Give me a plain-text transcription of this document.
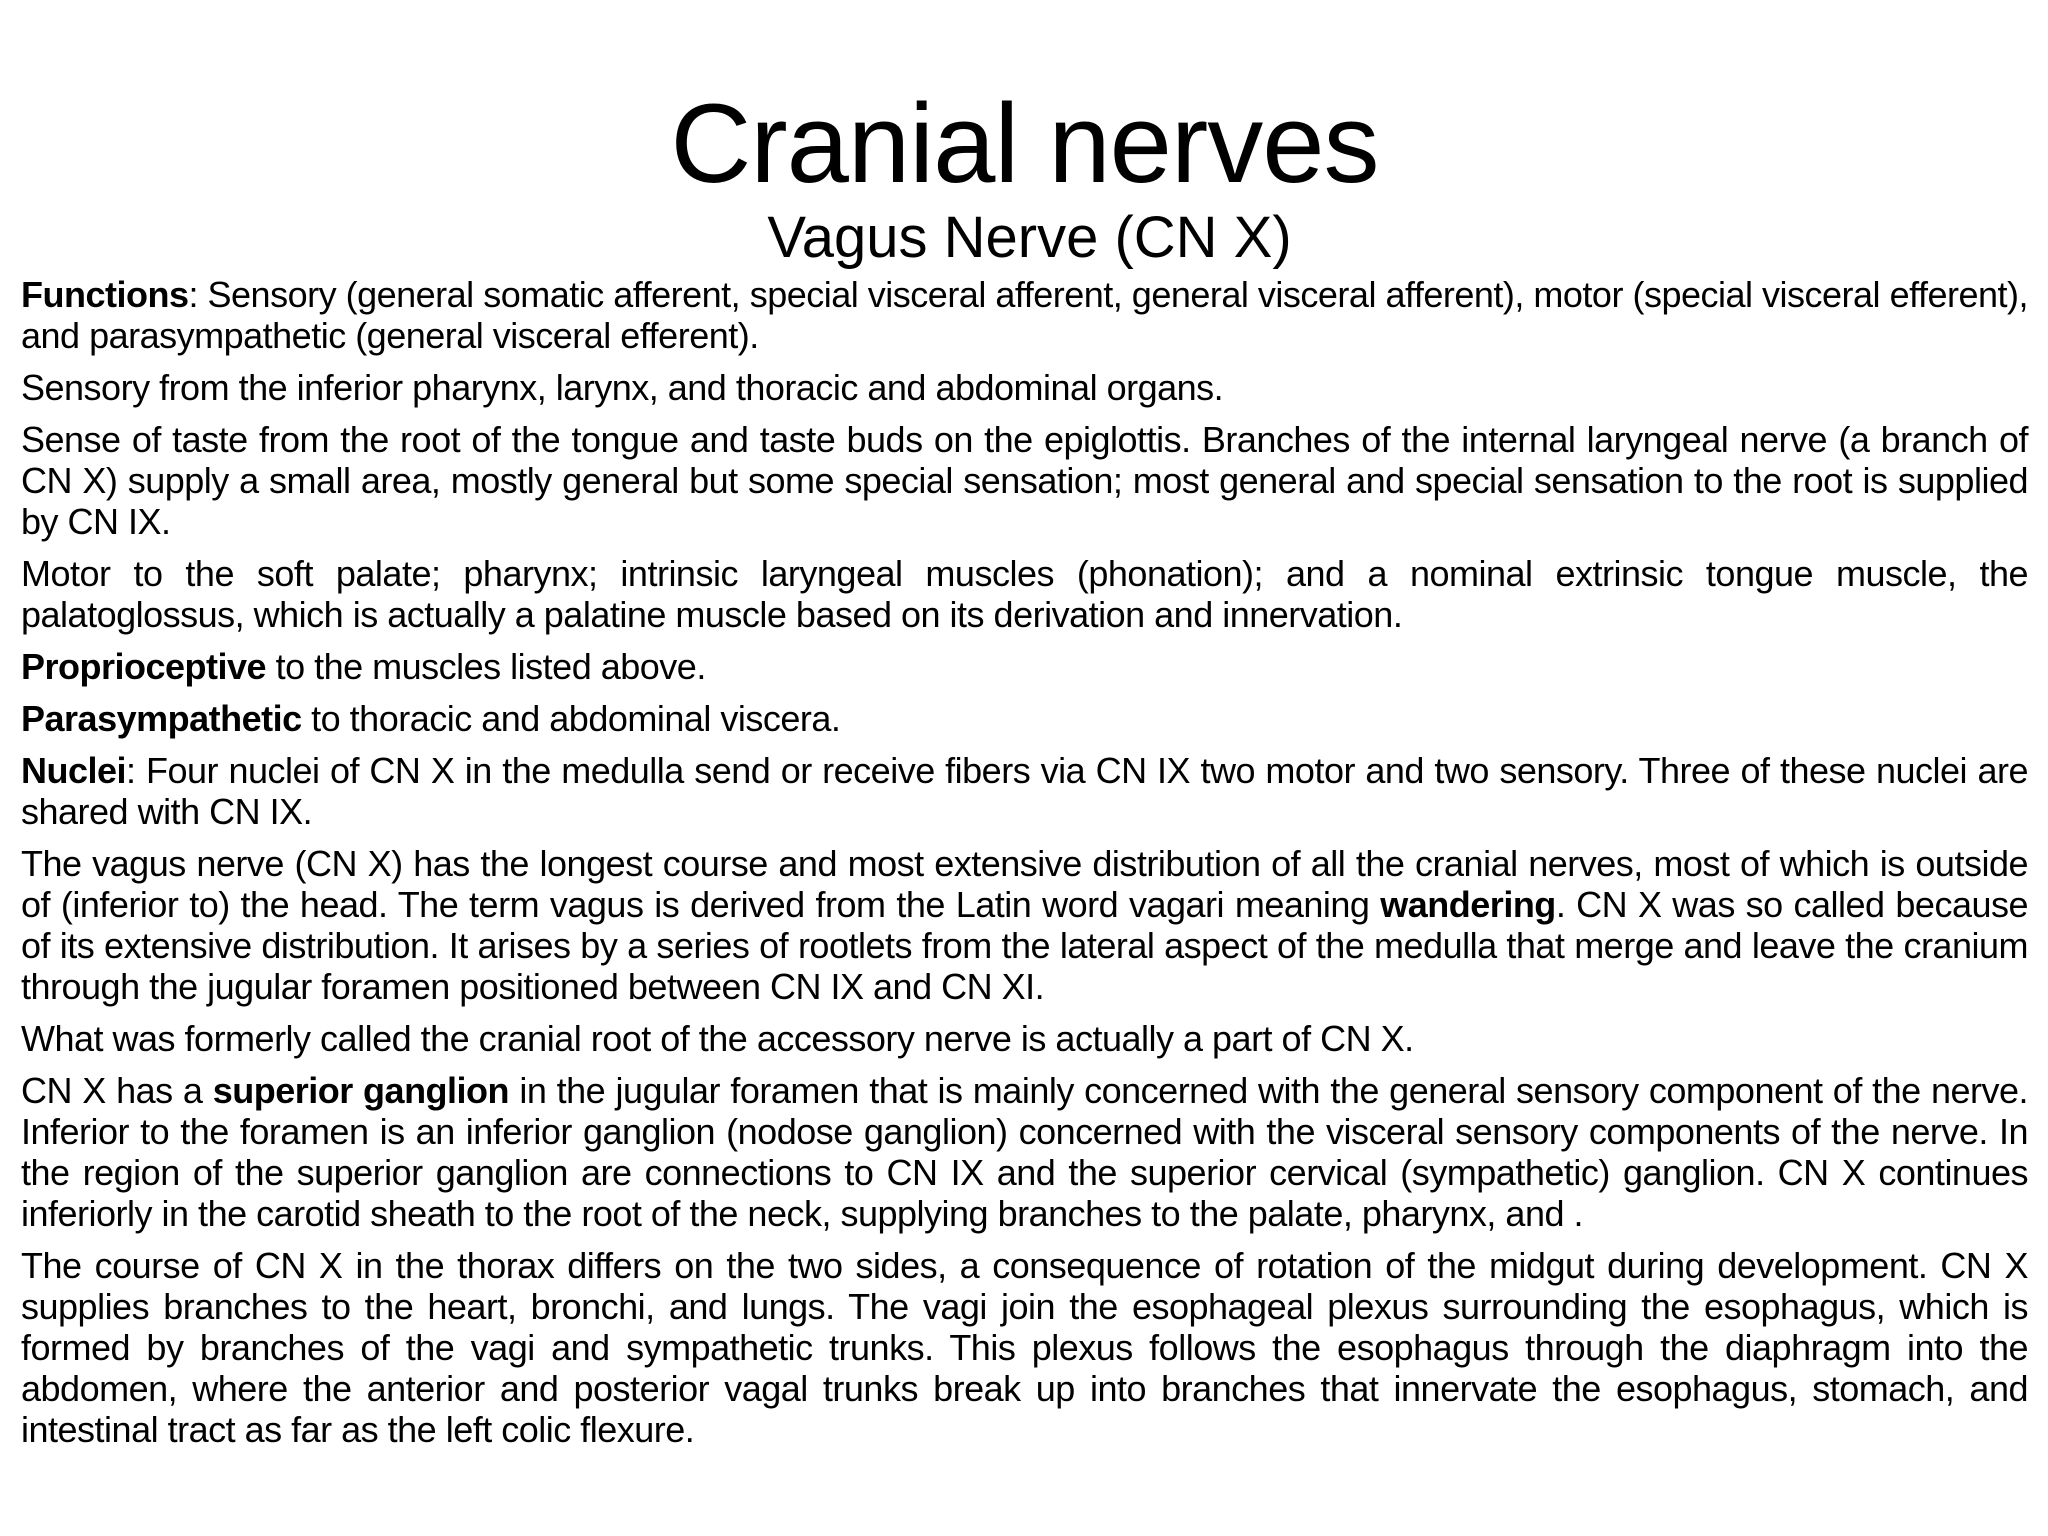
Cranial nerves
Vagus Nerve (CN X)

Functions: Sensory (general somatic afferent, special visceral afferent, general visceral afferent), motor (special visceral efferent), and parasympathetic (general visceral efferent).

Sensory from the inferior pharynx, larynx, and thoracic and abdominal organs.

Sense of taste from the root of the tongue and taste buds on the epiglottis. Branches of the internal laryngeal nerve (a branch of CN X) supply a small area, mostly general but some special sensation; most general and special sensation to the root is supplied by CN IX.

Motor to the soft palate; pharynx; intrinsic laryngeal muscles (phonation); and a nominal extrinsic tongue muscle, the palatoglossus, which is actually a palatine muscle based on its derivation and innervation.

Proprioceptive to the muscles listed above.

Parasympathetic to thoracic and abdominal viscera.

Nuclei: Four nuclei of CN X in the medulla send or receive fibers via CN IX two motor and two sensory. Three of these nuclei are shared with CN IX.

The vagus nerve (CN X) has the longest course and most extensive distribution of all the cranial nerves, most of which is outside of (inferior to) the head. The term vagus is derived from the Latin word vagari meaning wandering. CN X was so called because of its extensive distribution. It arises by a series of rootlets from the lateral aspect of the medulla that merge and leave the cranium through the jugular foramen positioned between CN IX and CN XI.

What was formerly called the cranial root of the accessory nerve is actually a part of CN X.

CN X has a superior ganglion in the jugular foramen that is mainly concerned with the general sensory component of the nerve. Inferior to the foramen is an inferior ganglion (nodose ganglion) concerned with the visceral sensory components of the nerve. In the region of the superior ganglion are connections to CN IX and the superior cervical (sympathetic) ganglion. CN X continues inferiorly in the carotid sheath to the root of the neck, supplying branches to the palate, pharynx, and .

The course of CN X in the thorax differs on the two sides, a consequence of rotation of the midgut during development. CN X supplies branches to the heart, bronchi, and lungs. The vagi join the esophageal plexus surrounding the esophagus, which is formed by branches of the vagi and sympathetic trunks. This plexus follows the esophagus through the diaphragm into the abdomen, where the anterior and posterior vagal trunks break up into branches that innervate the esophagus, stomach, and intestinal tract as far as the left colic flexure.
